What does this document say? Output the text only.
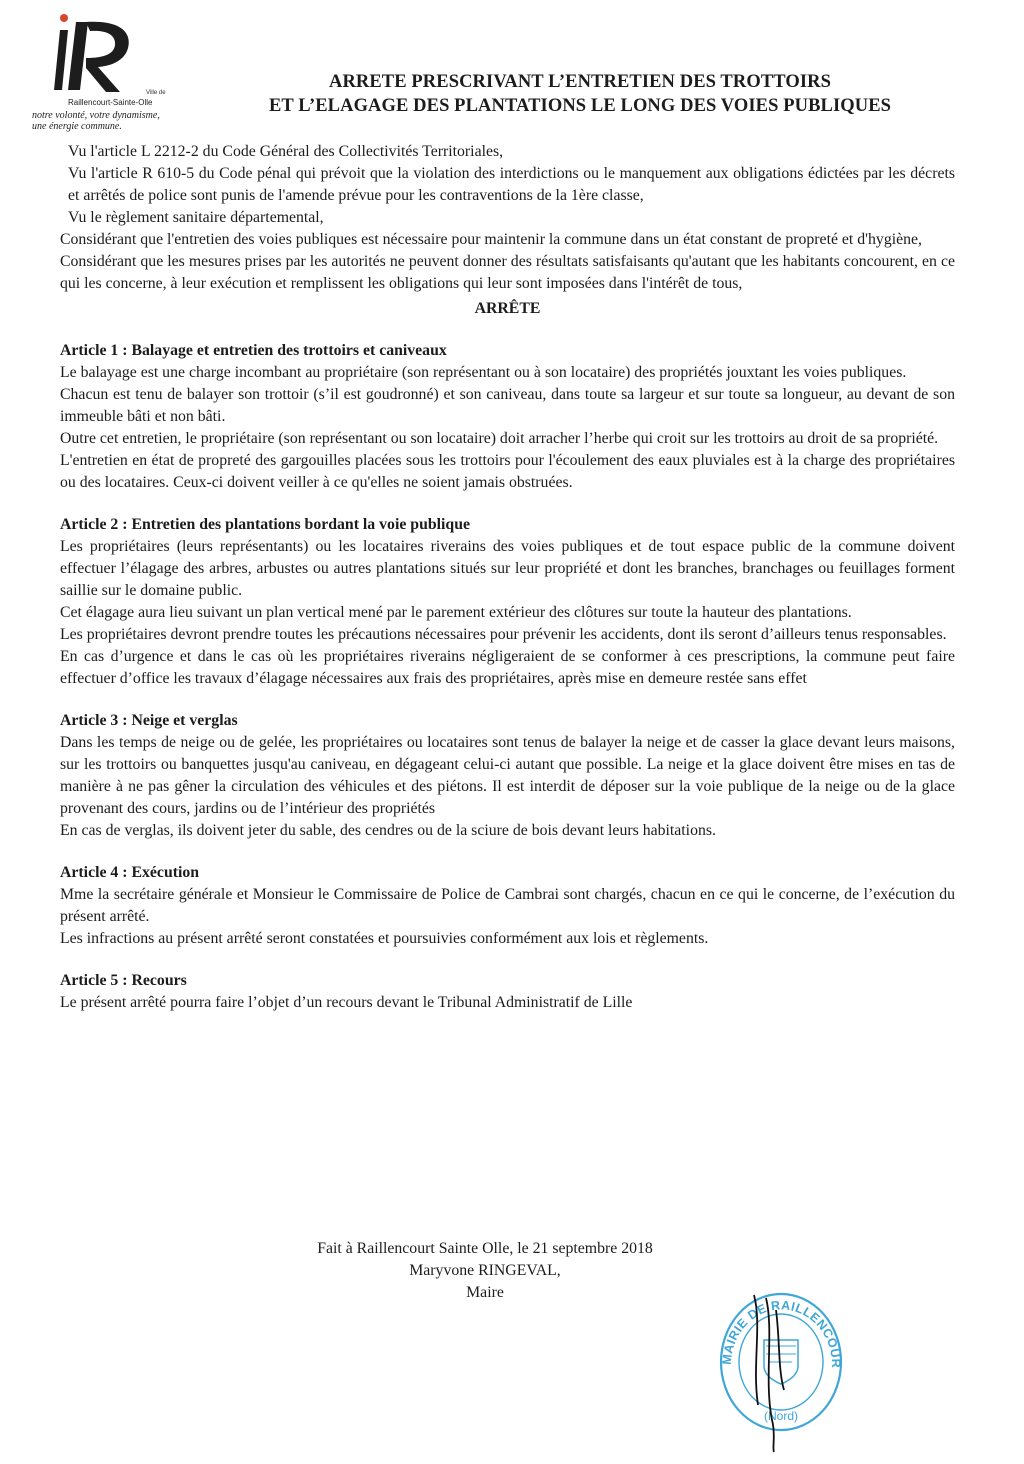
Ville de
Raillencourt-Sainte-Olle
notre volonté, votre dynamisme,
une énergie commune.
ARRETE PRESCRIVANT L’ENTRETIEN DES TROTTOIRS
ET L’ELAGAGE DES PLANTATIONS LE LONG DES VOIES PUBLIQUES
Vu l'article L 2212-2 du Code Général des Collectivités Territoriales,
Vu l'article R 610-5 du Code pénal qui prévoit que la violation des interdictions ou le manquement aux obligations édictées par les décrets et arrêtés de police sont punis de l'amende prévue pour les contraventions de la 1ère classe,
Vu le règlement sanitaire départemental,
Considérant que l'entretien des voies publiques est nécessaire pour maintenir la commune dans un état constant de propreté et d'hygiène,
Considérant que les mesures prises par les autorités ne peuvent donner des résultats satisfaisants qu'autant que les habitants concourent, en ce qui les concerne, à leur exécution et remplissent les obligations qui leur sont imposées dans l'intérêt de tous,
ARRÊTE
Article 1 : Balayage et entretien des trottoirs et caniveaux
Le balayage est une charge incombant au propriétaire (son représentant ou à son locataire) des propriétés jouxtant les voies publiques.
Chacun est tenu de balayer son trottoir (s’il est goudronné) et son caniveau, dans toute sa largeur et sur toute sa longueur, au devant de son immeuble bâti et non bâti.
Outre cet entretien, le propriétaire (son représentant ou son locataire) doit arracher l’herbe qui croit sur les trottoirs au droit de sa propriété.
L'entretien en état de propreté des gargouilles placées sous les trottoirs pour l'écoulement des eaux pluviales est à la charge des propriétaires ou des locataires. Ceux-ci doivent veiller à ce qu'elles ne soient jamais obstruées.
Article 2 : Entretien des plantations bordant la voie publique
Les propriétaires (leurs représentants) ou les locataires riverains des voies publiques et de tout espace public de la commune doivent effectuer l’élagage des arbres, arbustes ou autres plantations situés sur leur propriété et dont les branches, branchages ou feuillages forment saillie sur le domaine public.
Cet élagage aura lieu suivant un plan vertical mené par le parement extérieur des clôtures sur toute la hauteur des plantations.
Les propriétaires devront prendre toutes les précautions nécessaires pour prévenir les accidents, dont ils seront d’ailleurs tenus responsables.
En cas d’urgence et dans le cas où les propriétaires riverains négligeraient de se conformer à ces prescriptions, la commune peut faire effectuer d’office les travaux d’élagage nécessaires aux frais des propriétaires, après mise en demeure restée sans effet
Article 3 : Neige et verglas
Dans les temps de neige ou de gelée, les propriétaires ou locataires sont tenus de balayer la neige et de casser la glace devant leurs maisons, sur les trottoirs ou banquettes jusqu'au caniveau, en dégageant celui-ci autant que possible. La neige et la glace doivent être mises en tas de manière à ne pas gêner la circulation des véhicules et des piétons. Il est interdit de déposer sur la voie publique de la neige ou de la glace provenant des cours, jardins ou de l’intérieur des propriétés
En cas de verglas, ils doivent jeter du sable, des cendres ou de la sciure de bois devant leurs habitations.
Article 4 : Exécution
Mme la secrétaire générale et Monsieur le Commissaire de Police de Cambrai sont chargés, chacun en ce qui le concerne, de l’exécution du présent arrêté.
Les infractions au présent arrêté seront constatées et poursuivies conformément aux lois et règlements.
Article 5 : Recours
Le présent arrêté pourra faire l’objet d’un recours devant le Tribunal Administratif de Lille
Fait à Raillencourt Sainte Olle, le 21 septembre 2018
Maryvone RINGEVAL,
Maire
MAIRIE DE RAILLENCOUR
(Nord)
